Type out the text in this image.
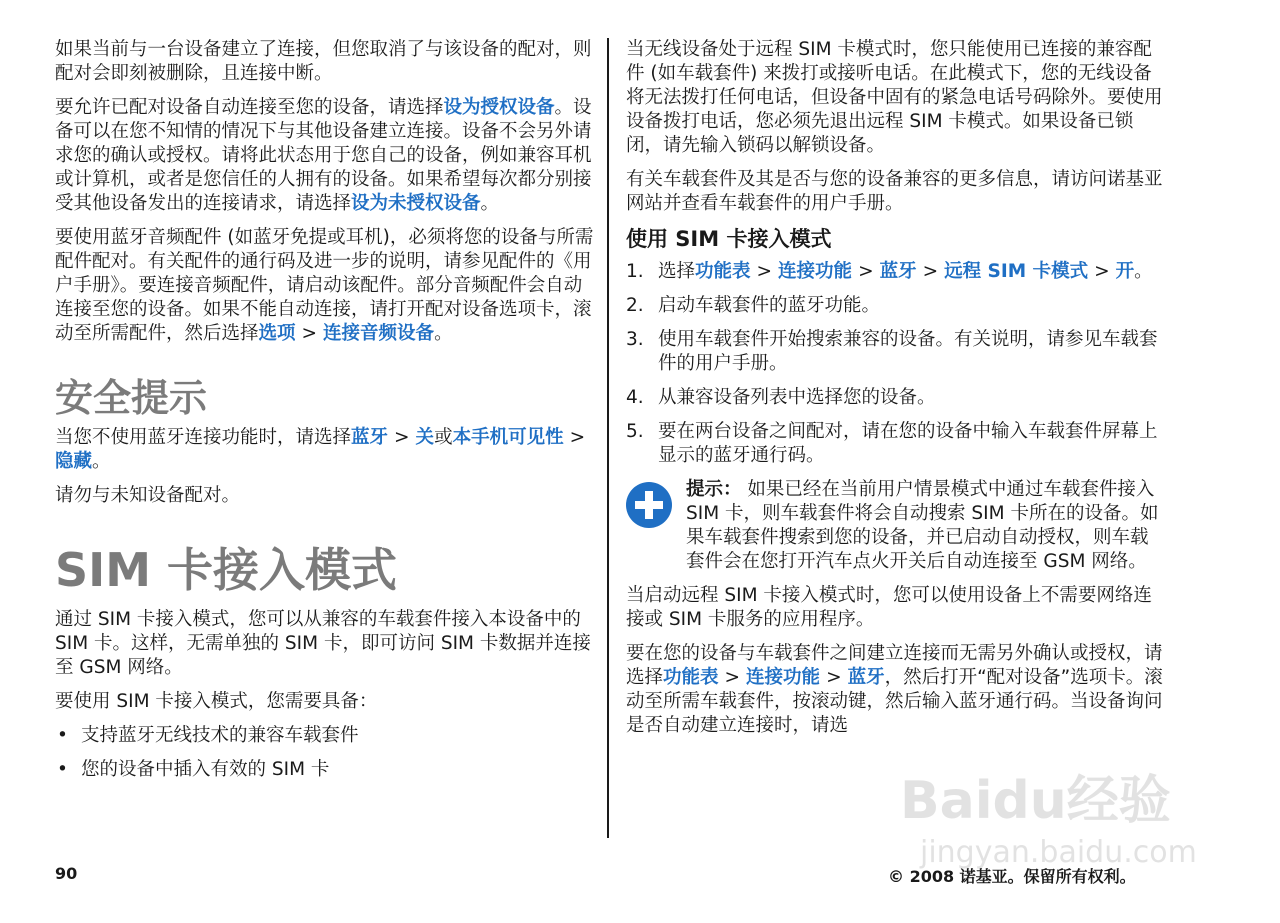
如果当前与一台设备建立了连接，但您取消了与该设备的配对，则配对会即刻被删除，且连接中断。

要允许已配对设备自动连接至您的设备，请选择设为授权设备。设备可以在您不知情的情况下与其他设备建立连接。设备不会另外请求您的确认或授权。请将此状态用于您自己的设备，例如兼容耳机或计算机，或者是您信任的人拥有的设备。如果希望每次都分别接受其他设备发出的连接请求，请选择设为未授权设备。

要使用蓝牙音频配件 (如蓝牙免提或耳机)，必须将您的设备与所需配件配对。有关配件的通行码及进一步的说明，请参见配件的《用户手册》。要连接音频配件，请启动该配件。部分音频配件会自动连接至您的设备。如果不能自动连接，请打开配对设备选项卡，滚动至所需配件，然后选择选项 > 连接音频设备。

安全提示

当您不使用蓝牙连接功能时，请选择蓝牙 > 关或本手机可见性 >隐藏。

请勿与未知设备配对。

SIM 卡接入模式

通过 SIM 卡接入模式，您可以从兼容的车载套件接入本设备中的 SIM 卡。这样，无需单独的 SIM 卡，即可访问 SIM 卡数据并连接至 GSM 网络。

要使用 SIM 卡接入模式，您需要具备：

• 支持蓝牙无线技术的兼容车载套件
• 您的设备中插入有效的 SIM 卡

当无线设备处于远程 SIM 卡模式时，您只能使用已连接的兼容配件 (如车载套件) 来拨打或接听电话。在此模式下，您的无线设备将无法拨打任何电话，但设备中固有的紧急电话号码除外。要使用设备拨打电话，您必须先退出远程 SIM 卡模式。如果设备已锁闭，请先输入锁码以解锁设备。

有关车载套件及其是否与您的设备兼容的更多信息，请访问诺基亚网站并查看车载套件的用户手册。

使用 SIM 卡接入模式
1. 选择功能表 > 连接功能 > 蓝牙 > 远程 SIM 卡模式 > 开。
2. 启动车载套件的蓝牙功能。
3. 使用车载套件开始搜索兼容的设备。有关说明，请参见车载套件的用户手册。
4. 从兼容设备列表中选择您的设备。
5. 要在两台设备之间配对，请在您的设备中输入车载套件屏幕上显示的蓝牙通行码。

提示： 如果已经在当前用户情景模式中通过车载套件接入 SIM 卡，则车载套件将会自动搜索 SIM 卡所在的设备。如果车载套件搜索到您的设备，并已启动自动授权，则车载套件会在您打开汽车点火开关后自动连接至 GSM 网络。

当启动远程 SIM 卡接入模式时，您可以使用设备上不需要网络连接或 SIM 卡服务的应用程序。

要在您的设备与车载套件之间建立连接而无需另外确认或授权，请选择功能表 > 连接功能 > 蓝牙，然后打开“配对设备”选项卡。滚动至所需车载套件，按滚动键，然后输入蓝牙通行码。当设备询问是否自动建立连接时，请选

Baidu经验
jingyan.baidu.com
90	© 2008 诺基亚。保留所有权利。
